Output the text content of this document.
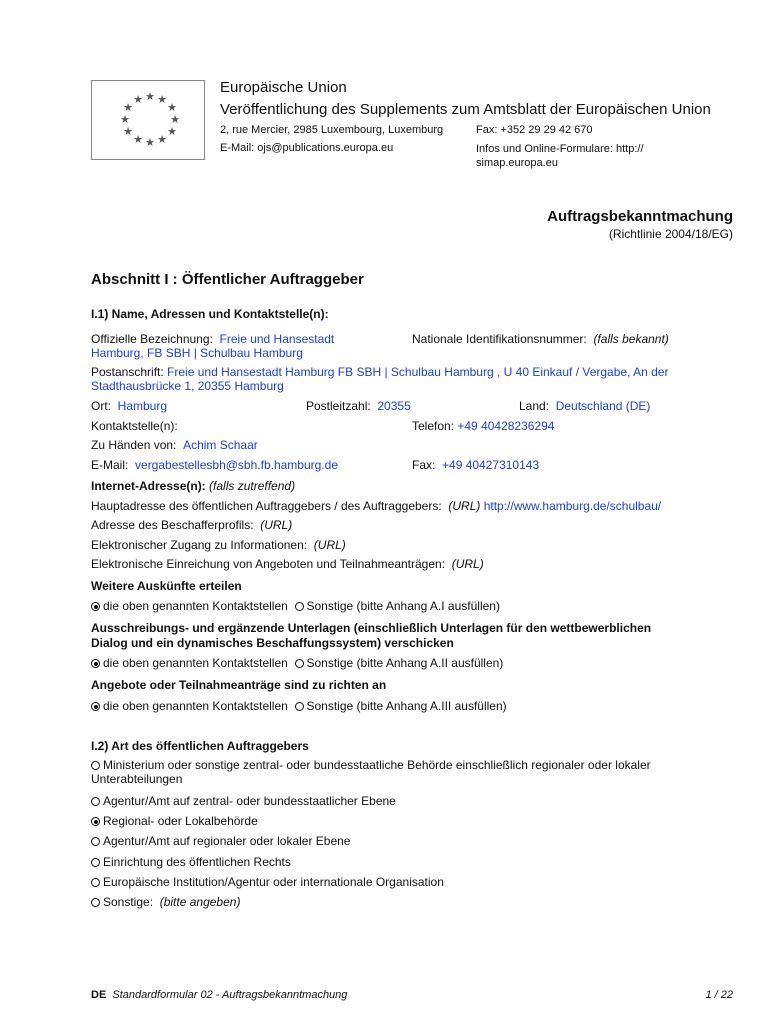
★ ★
★
★
★
★
★
★
★
★
★
★
Europäische Union
Veröffentlichung des Supplements zum Amtsblatt der Europäischen Union
2, rue Mercier, 2985 Luxembourg, Luxemburg	Fax: +352 29 29 42 670
E-Mail: ojs@publications.europa.eu	Infos und Online-Formulare: http://
simap.europa.eu
Auftragsbekanntmachung
(Richtlinie 2004/18/EG)
Abschnitt I : Öffentlicher Auftraggeber
I.1) Name, Adressen und Kontaktstelle(n):
Offizielle Bezeichnung: Freie und Hansestadt
Hamburg, FB SBH | Schulbau Hamburg
Nationale Identifikationsnummer: (falls bekannt)
Postanschrift: Freie und Hansestadt Hamburg FB SBH | Schulbau Hamburg , U 40 Einkauf / Vergabe, An der
Stadthausbrücke 1, 20355 Hamburg
Ort: Hamburg	Postleitzahl: 20355	Land: Deutschland (DE)
Kontaktstelle(n):	Telefon: +49 40428236294
Zu Händen von: Achim Schaar
E-Mail: vergabestellesbh@sbh.fb.hamburg.de	Fax: +49 40427310143
Internet-Adresse(n): (falls zutreffend)
Hauptadresse des öffentlichen Auftraggebers / des Auftraggebers: (URL) http://www.hamburg.de/schulbau/
Adresse des Beschafferprofils: (URL)
Elektronischer Zugang zu Informationen: (URL)
Elektronische Einreichung von Angeboten und Teilnahmeanträgen: (URL)
Weitere Auskünfte erteilen
die oben genannten Kontaktstellen Sonstige (bitte Anhang A.I ausfüllen)
Ausschreibungs- und ergänzende Unterlagen (einschließlich Unterlagen für den wettbewerblichen
Dialog und ein dynamisches Beschaffungssystem) verschicken
die oben genannten Kontaktstellen Sonstige (bitte Anhang A.II ausfüllen)
Angebote oder Teilnahmeanträge sind zu richten an
die oben genannten Kontaktstellen Sonstige (bitte Anhang A.III ausfüllen)
I.2) Art des öffentlichen Auftraggebers
Ministerium oder sonstige zentral- oder bundesstaatliche Behörde einschließlich regionaler oder lokaler
Unterabteilungen
Agentur/Amt auf zentral- oder bundesstaatlicher Ebene
Regional- oder Lokalbehörde
Agentur/Amt auf regionaler oder lokaler Ebene
Einrichtung des öffentlichen Rechts
Europäische Institution/Agentur oder internationale Organisation
Sonstige: (bitte angeben)
DE Standardformular 02 - Auftragsbekanntmachung	1 / 22
